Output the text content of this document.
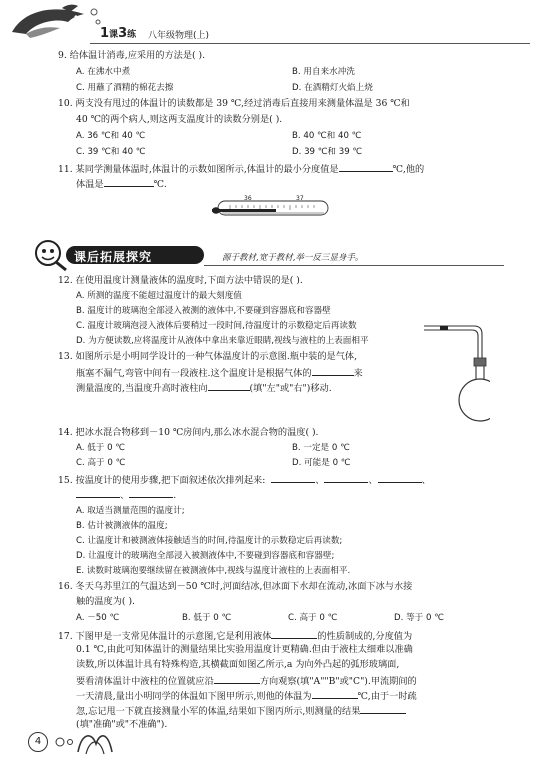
1课3练 八年级物理(上)
9. 给体温计消毒,应采用的方法是( ).
A. 在沸水中煮	B. 用自来水冲洗
C. 用蘸了酒精的棉花去擦	D. 在酒精灯火焰上烧
10. 两支没有甩过的体温计的读数都是 39 ℃,经过消毒后直接用来测量体温是 36 ℃和
40 ℃的两个病人,则这两支温度计的读数分别是( ).
A. 36 ℃和 40 ℃	B. 40 ℃和 40 ℃
C. 39 ℃和 40 ℃	D. 39 ℃和 39 ℃
11. 某同学测量体温时,体温计的示数如图所示,体温计的最小分度值是	℃,他的
体温是	℃.
36	37
课后拓展探究	源于教材,宽于教材,举一反三显身手。
12. 在使用温度计测量液体的温度时,下面方法中错误的是( ).
A. 所测的温度不能超过温度计的最大刻度值
B. 温度计的玻璃泡全部浸入被测的液体中,不要碰到容器底和容器壁
C. 温度计玻璃泡浸入液体后要稍过一段时间,待温度计的示数稳定后再读数
D. 为方便读数,应将温度计从液体中拿出来靠近眼睛,视线与液柱的上表面相平
13. 如图所示是小明同学设计的一种气体温度计的示意图.瓶中装的是气体,
瓶塞不漏气,弯管中间有一段液柱.这个温度计是根据气体的	来
测量温度的,当温度升高时液柱向	(填"左"或"右")移动.
14. 把冰水混合物移到－10 ℃房间内,那么冰水混合物的温度( ).
A. 低于 0 ℃	B. 一定是 0 ℃
C. 高于 0 ℃	D. 可能是 0 ℃
15. 按温度计的使用步骤,把下面叙述依次排列起来:	、	、	、
、	.
A. 取适当测量范围的温度计;
B. 估计被测液体的温度;
C. 让温度计和被测液体接触适当的时间,待温度计的示数稳定后再读数;
D. 让温度计的玻璃泡全部浸入被测液体中,不要碰到容器底和容器壁;
E. 读数时玻璃泡要继续留在被测液体中,视线与温度计液柱的上表面相平.
16. 冬天乌苏里江的气温达到－50 ℃时,河面结冰,但冰面下水却在流动,冰面下冰与水接
触的温度为( ).
A. －50 ℃	B. 低于 0 ℃	C. 高于 0 ℃	D. 等于 0 ℃
17. 下图甲是一支常见体温计的示意图,它是利用液体	的性质制成的,分度值为
0.1 ℃,由此可知体温计的测量结果比实验用温度计更精确.但由于液柱太细难以准确
读数,所以体温计具有特殊构造,其横截面如图乙所示,a 为向外凸起的弧形玻璃面,
要看清体温计中液柱的位置就应沿	方向观察(填"A""B"或"C").甲流期间的
一天清晨,量出小明同学的体温如下图甲所示,则他的体温为	℃,由于一时疏
忽,忘记甩一下就直接测量小军的体温,结果如下图丙所示,则测量的结果
(填"准确"或"不准确").
4
